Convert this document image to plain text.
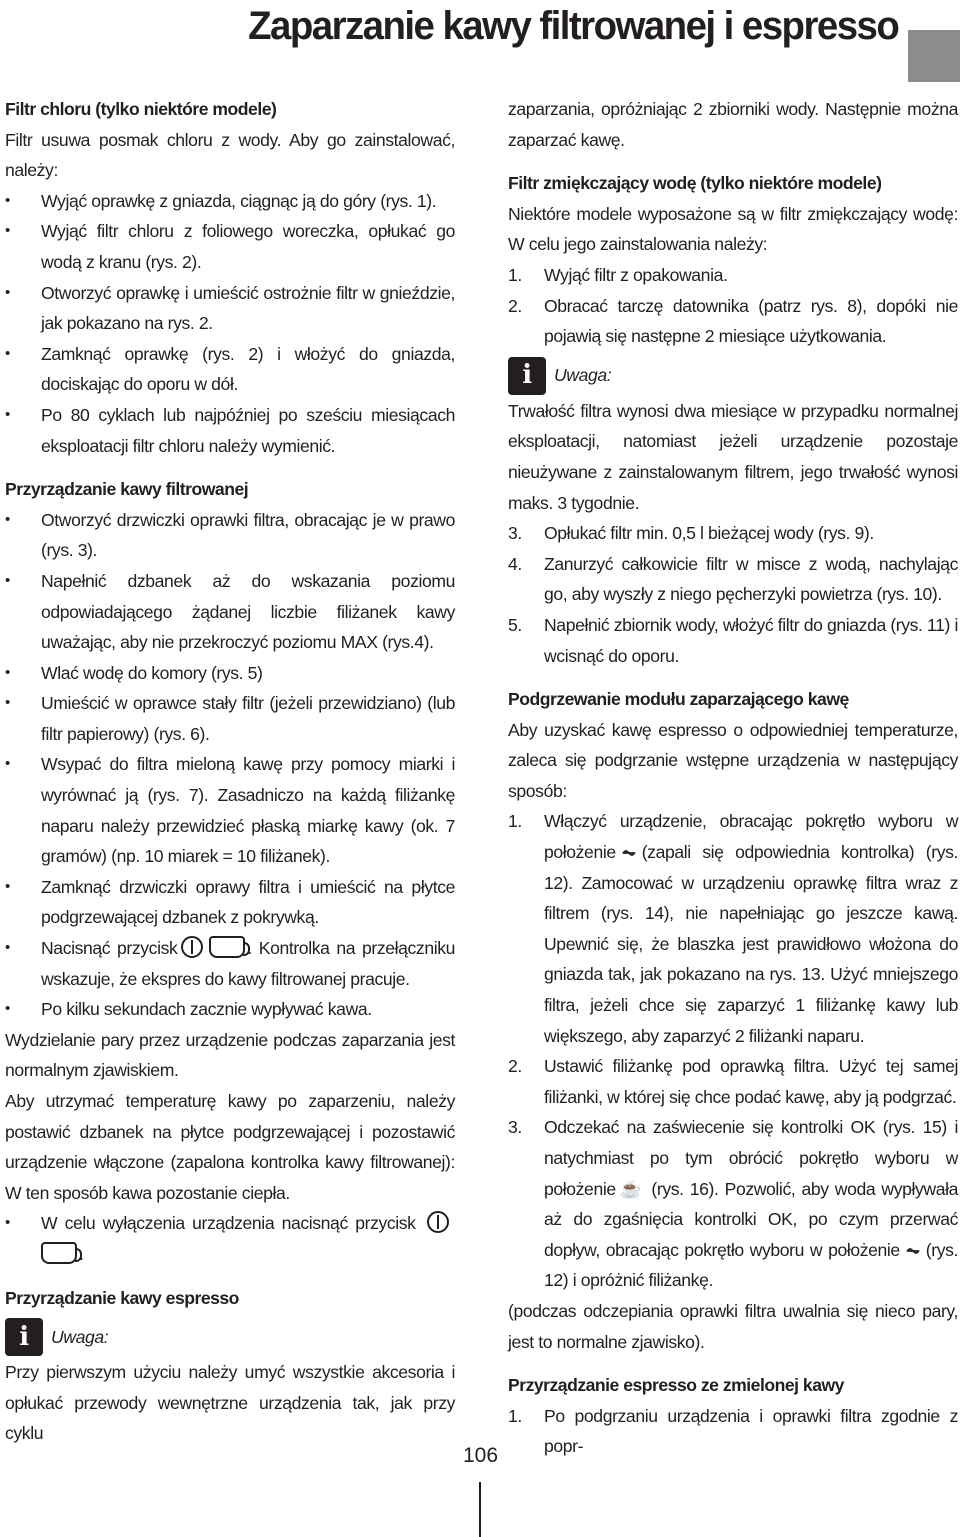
Zaparzanie kawy filtrowanej i espresso

Filtr chloru (tylko niektóre modele)

Filtr usuwa posmak chloru z wody. Aby go zainstalować, należy:

• Wyjąć oprawkę z gniazda, ciągnąc ją do góry (rys. 1).
• Wyjąć filtr chloru z foliowego woreczka, opłukać go wodą z kranu (rys. 2).
• Otworzyć oprawkę i umieścić ostrożnie filtr w gnieździe, jak pokazano na rys. 2.
• Zamknąć oprawkę (rys. 2) i włożyć do gniazda, dociskając do oporu w dół.
• Po 80 cyklach lub najpóźniej po sześciu miesiącach eksploatacji filtr chloru należy wymienić.

Przyrządzanie kawy filtrowanej

• Otworzyć drzwiczki oprawki filtra, obracając je w prawo (rys. 3).
• Napełnić dzbanek aż do wskazania poziomu odpowiadającego żądanej liczbie filiżanek kawy uważając, aby nie przekroczyć poziomu MAX (rys.4).
• Wlać wodę do komory (rys. 5)
• Umieścić w oprawce stały filtr (jeżeli przewidziano) (lub filtr papierowy) (rys. 6).
• Wsypać do filtra mieloną kawę przy pomocy miarki i wyrównać ją (rys. 7). Zasadniczo na każdą filiżankę naparu należy przewidzieć płaską miarkę kawy (ok. 7 gramów) (np. 10 miarek = 10 filiżanek).
• Zamknąć drzwiczki oprawy filtra i umieścić na płytce podgrzewającej dzbanek z pokrywką.
• Nacisnąć przycisk	. Kontrolka na przełączniku wskazuje, że ekspres do kawy filtrowanej pracuje.
• Po kilku sekundach zacznie wypływać kawa.

Wydzielanie pary przez urządzenie podczas zaparzania jest normalnym zjawiskiem.

Aby utrzymać temperaturę kawy po zaparzeniu, należy postawić dzbanek na płytce podgrzewającej i pozostawić urządzenie włączone (zapalona kontrolka kawy filtrowanej): W ten sposób kawa pozostanie ciepła.

• W celu wyłączenia urządzenia nacisnąć przycisk .

Przyrządzanie kawy espresso

i	Uwaga:

Przy pierwszym użyciu należy umyć wszystkie akcesoria i opłukać przewody wewnętrzne urządzenia tak, jak przy cyklu

zaparzania, opróżniając 2 zbiorniki wody. Następnie można zaparzać kawę.

Filtr zmiękczający wodę (tylko niektóre modele)

Niektóre modele wyposażone są w filtr zmiękczający wodę: W celu jego zainstalowania należy:

1. Wyjąć filtr z opakowania.
2. Obracać tarczę datownika (patrz rys. 8), dopóki nie pojawią się następne 2 miesiące użytkowania.
i	Uwaga:

Trwałość filtra wynosi dwa miesiące w przypadku normalnej eksploatacji, natomiast jeżeli urządzenie pozostaje nieużywane z zainstalowanym filtrem, jego trwałość wynosi maks. 3 tygodnie.

3. Opłukać filtr min. 0,5 l bieżącej wody (rys. 9).
4. Zanurzyć całkowicie filtr w misce z wodą, nachylając go, aby wyszły z niego pęcherzyki powietrza (rys. 10).
5. Napełnić zbiornik wody, włożyć filtr do gniazda (rys. 11) i wcisnąć do oporu.

Podgrzewanie modułu zaparzającego kawę

Aby uzyskać kawę espresso o odpowiedniej temperaturze, zaleca się podgrzanie wstępne urządzenia w następujący sposób:

1. Włączyć urządzenie, obracając pokrętło wyboru w położenie ⏦ (zapali się odpowiednia kontrolka) (rys. 12). Zamocować w urządzeniu oprawkę filtra wraz z filtrem (rys. 14), nie napełniając go jeszcze kawą. Upewnić się, że blaszka jest prawidłowo włożona do gniazda tak, jak pokazano na rys. 13. Użyć mniejszego filtra, jeżeli chce się zaparzyć 1 filiżankę kawy lub większego, aby zaparzyć 2 filiżanki naparu.
2. Ustawić filiżankę pod oprawką filtra. Użyć tej samej filiżanki, w której się chce podać kawę, aby ją podgrzać.
3. Odczekać na zaświecenie się kontrolki OK (rys. 15) i natychmiast po tym obrócić pokrętło wyboru w położenie ☕ (rys. 16). Pozwolić, aby woda wypływała aż do zgaśnięcia kontrolki OK, po czym przerwać dopływ, obracając pokrętło wyboru w położenie ⏦ (rys. 12) i opróżnić filiżankę.

(podczas odczepiania oprawki filtra uwalnia się nieco pary, jest to normalne zjawisko).

Przyrządzanie espresso ze zmielonej kawy

1. Po podgrzaniu urządzenia i oprawki filtra zgodnie z popr-
106
